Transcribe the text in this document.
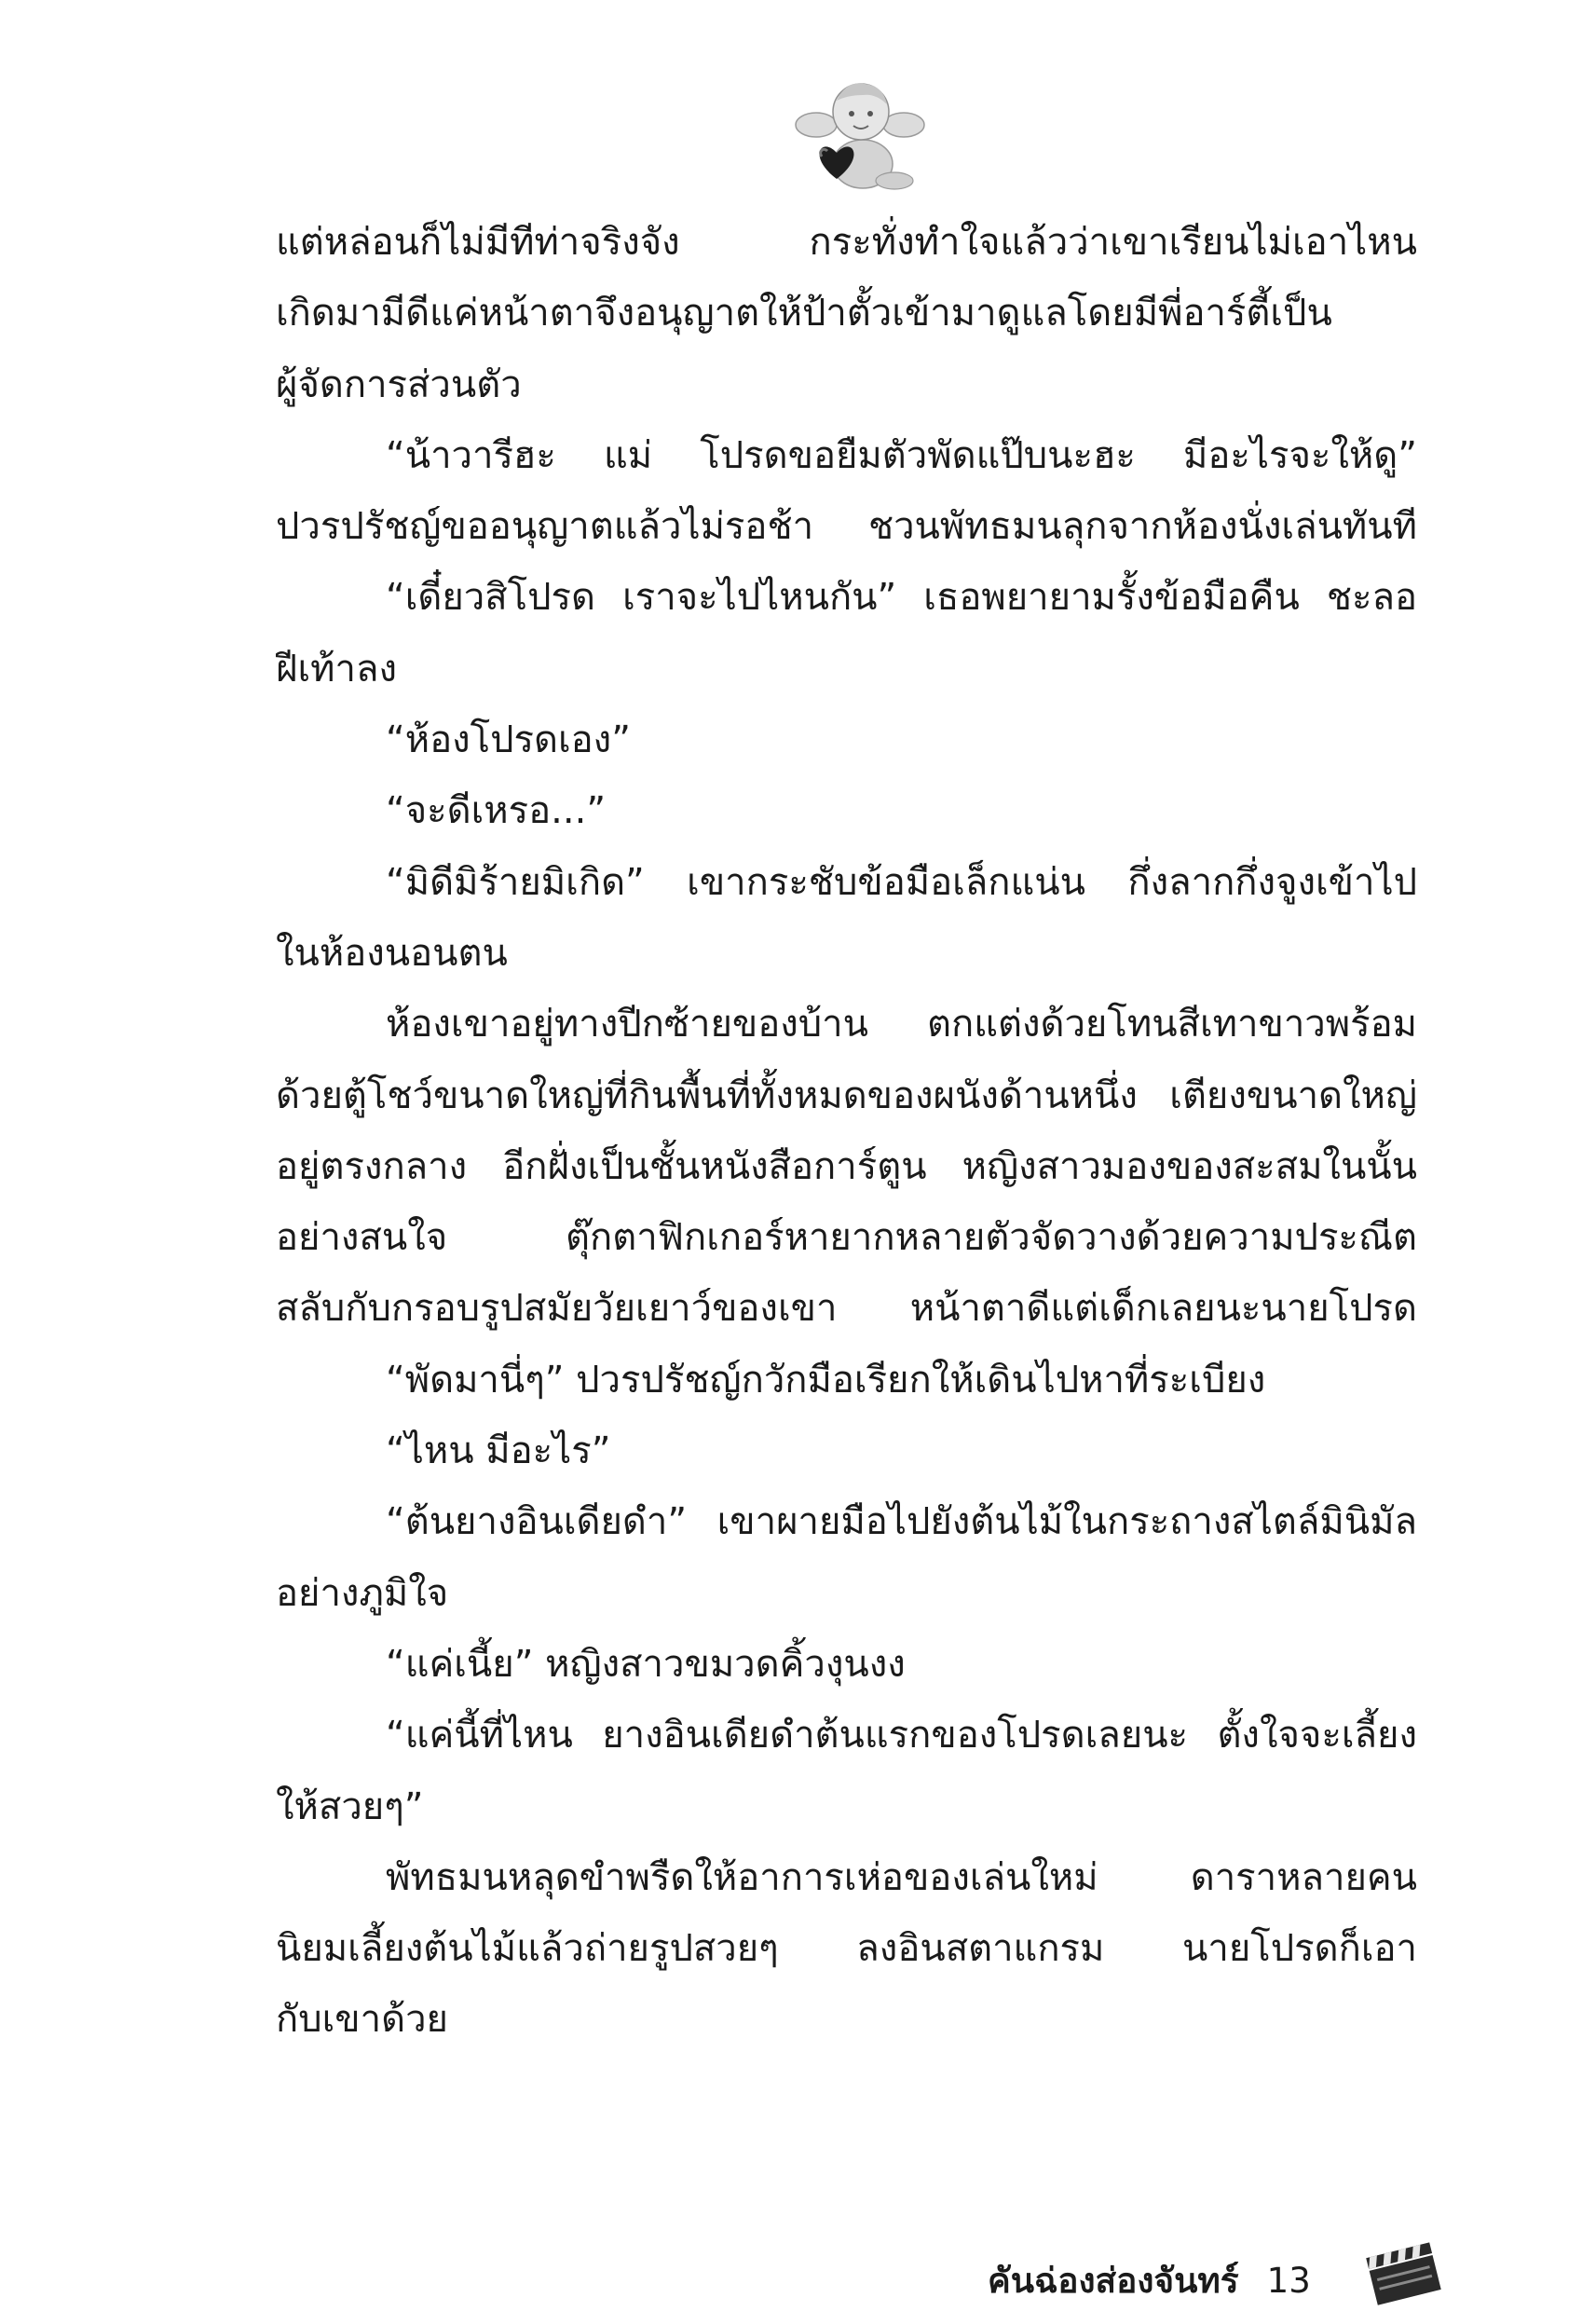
แต่หล่อนก็ไม่มีทีท่าจริงจัง กระทั่งทำใจแล้วว่าเขาเรียนไม่เอาไหน
เกิดมามีดีแค่หน้าตาจึงอนุญาตให้ป้าตั้วเข้ามาดูแลโดยมีพี่อาร์ตี้เป็น
ผู้จัดการส่วนตัว
“น้าวารีฮะ แม่ โปรดขอยืมตัวพัดแป๊บนะฮะ มีอะไรจะให้ดู”
ปวรปรัชญ์ขออนุญาตแล้วไม่รอช้า ชวนพัทธมนลุกจากห้องนั่งเล่นทันที
“เดี๋ยวสิโปรด เราจะไปไหนกัน” เธอพยายามรั้งข้อมือคืน ชะลอ
ฝีเท้าลง
“ห้องโปรดเอง”
“จะดีเหรอ...”
“มิดีมิร้ายมิเกิด” เขากระชับข้อมือเล็กแน่น กึ่งลากกึ่งจูงเข้าไป
ในห้องนอนตน
ห้องเขาอยู่ทางปีกซ้ายของบ้าน ตกแต่งด้วยโทนสีเทาขาวพร้อม
ด้วยตู้โชว์ขนาดใหญ่ที่กินพื้นที่ทั้งหมดของผนังด้านหนึ่ง เตียงขนาดใหญ่
อยู่ตรงกลาง อีกฝั่งเป็นชั้นหนังสือการ์ตูน หญิงสาวมองของสะสมในนั้น
อย่างสนใจ ตุ๊กตาฟิกเกอร์หายากหลายตัวจัดวางด้วยความประณีต
สลับกับกรอบรูปสมัยวัยเยาว์ของเขา หน้าตาดีแต่เด็กเลยนะนายโปรด
“พัดมานี่ๆ” ปวรปรัชญ์กวักมือเรียกให้เดินไปหาที่ระเบียง
“ไหน มีอะไร”
“ต้นยางอินเดียดำ” เขาผายมือไปยังต้นไม้ในกระถางสไตล์มินิมัล
อย่างภูมิใจ
“แค่เนี้ย” หญิงสาวขมวดคิ้วงุนงง
“แค่นี้ที่ไหน ยางอินเดียดำต้นแรกของโปรดเลยนะ ตั้งใจจะเลี้ยง
ให้สวยๆ”
พัทธมนหลุดขำพรืดให้อาการเห่อของเล่นใหม่ ดาราหลายคน
นิยมเลี้ยงต้นไม้แล้วถ่ายรูปสวยๆ ลงอินสตาแกรม นายโปรดก็เอา
กับเขาด้วย
คันฉ่องส่องจันทร์ 13
